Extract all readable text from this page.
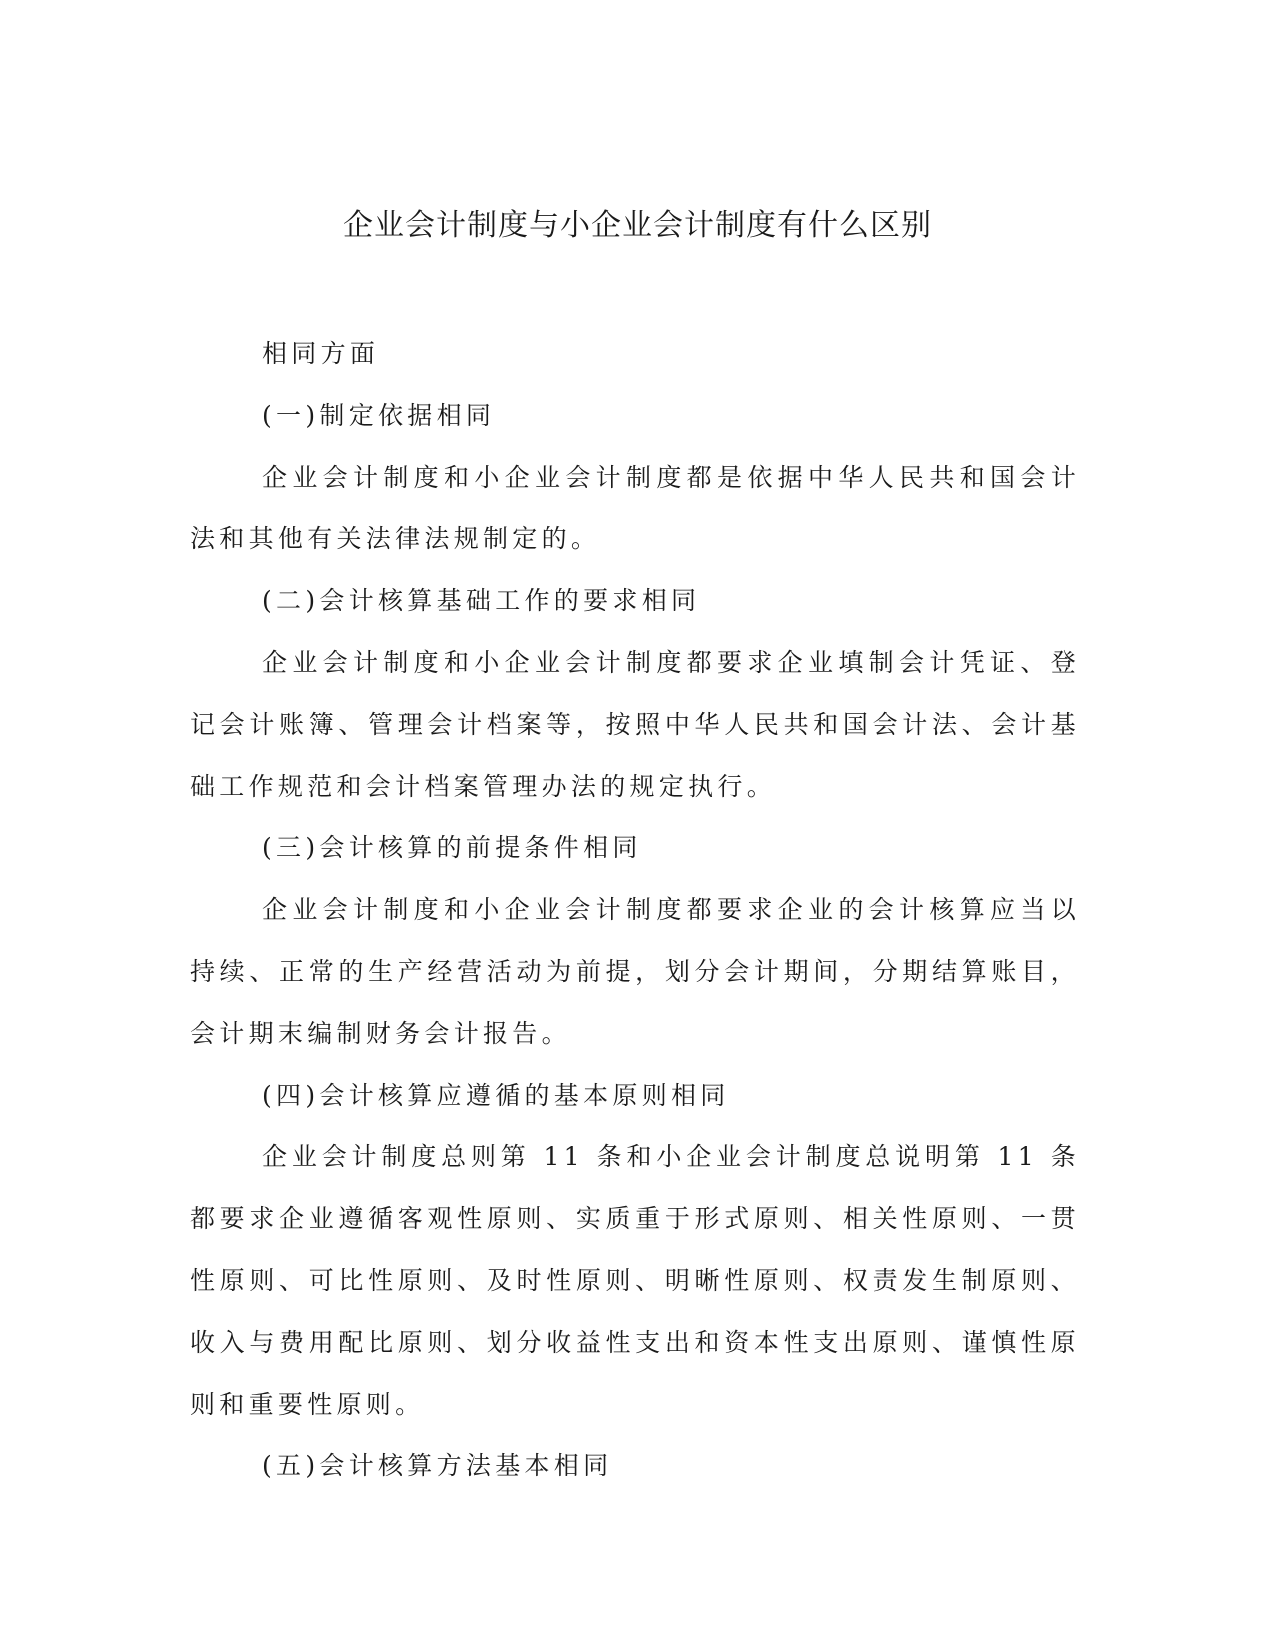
企业会计制度与小企业会计制度有什么区别

相同方面

(一)制定依据相同

企业会计制度和小企业会计制度都是依据中华人民共和国会计法和其他有关法律法规制定的。

(二)会计核算基础工作的要求相同

企业会计制度和小企业会计制度都要求企业填制会计凭证、登记会计账簿、管理会计档案等，按照中华人民共和国会计法、会计基础工作规范和会计档案管理办法的规定执行。

(三)会计核算的前提条件相同

企业会计制度和小企业会计制度都要求企业的会计核算应当以持续、正常的生产经营活动为前提，划分会计期间，分期结算账目，会计期末编制财务会计报告。

(四)会计核算应遵循的基本原则相同

企业会计制度总则第 11 条和小企业会计制度总说明第 11 条都要求企业遵循客观性原则、实质重于形式原则、相关性原则、一贯性原则、可比性原则、及时性原则、明晰性原则、权责发生制原则、收入与费用配比原则、划分收益性支出和资本性支出原则、谨慎性原则和重要性原则。

(五)会计核算方法基本相同
